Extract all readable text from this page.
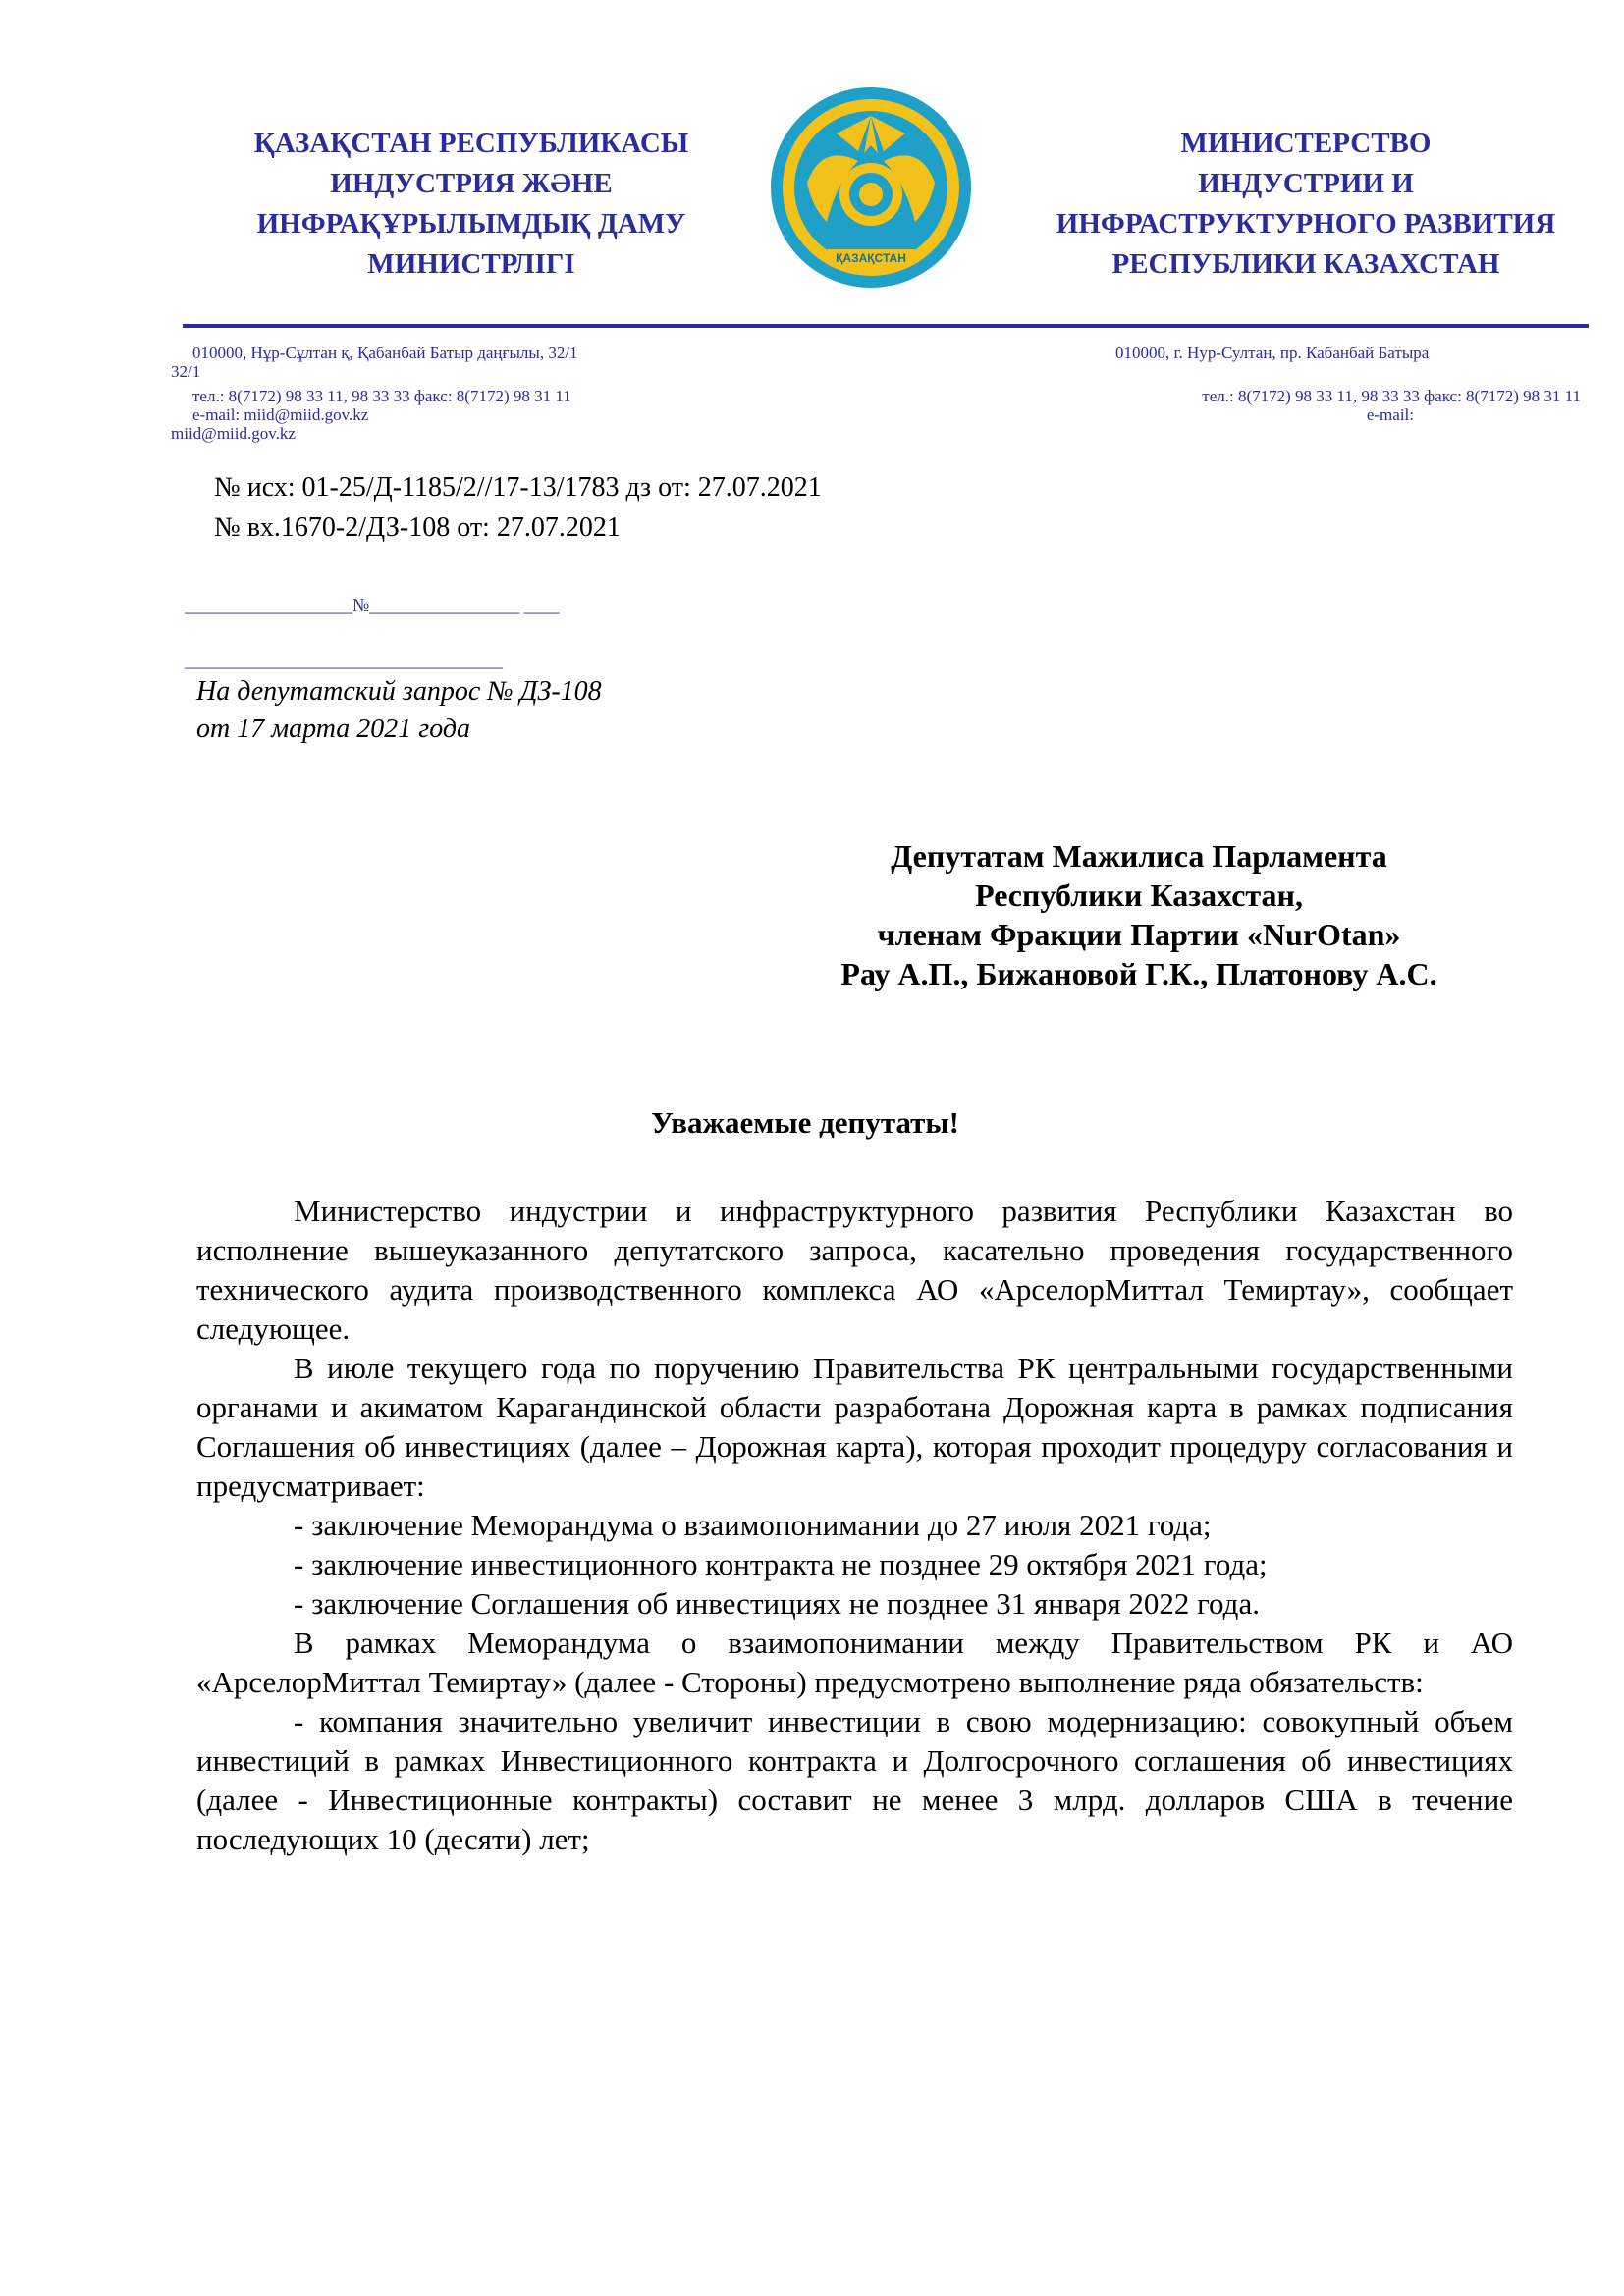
ҚАЗАҚСТАН РЕСПУБЛИКАСЫ
ИНДУСТРИЯ ЖӘНЕ
ИНФРАҚҰРЫЛЫМДЫҚ ДАМУ
МИНИСТРЛІГІ	ҚАЗАҚСТАН
МИНИСТЕРСТВО
ИНДУСТРИИ И
ИНФРАСТРУКТУРНОГО РАЗВИТИЯ
РЕСПУБЛИКИ КАЗАХСТАН
010000, Нұр-Сұлтан қ, Қабанбай Батыр даңғылы, 32/1
32/1
тел.: 8(7172) 98 33 11, 98 33 33 факс: 8(7172) 98 31 11
e-mail: miid@miid.gov.kz
miid@miid.gov.kz
010000, г. Нур-Султан, пр. Кабанбай Батыра
тел.: 8(7172) 98 33 11, 98 33 33 факс: 8(7172) 98 31 11
e-mail:
№ исх: 01-25/Д-1185/2//17-13/1783 дз от: 27.07.2021
№ вх.1670-2/ДЗ-108 от: 27.07.2021
___________________№_________________ ____
____________________________________
На депутатский запрос № ДЗ-108
от 17 марта 2021 года
Депутатам Мажилиса Парламента
Республики Казахстан,
членам Фракции Партии «NurOtan»
Рау А.П., Бижановой Г.К., Платонову А.С.
Уважаемые депутаты!

Министерство индустрии и инфраструктурного развития Республики Казахстан во исполнение вышеуказанного депутатского запроса, касательно проведения государственного технического аудита производственного комплекса АО «АрселорМиттал Темиртау», сообщает следующее.

В июле текущего года по поручению Правительства РК центральными государственными органами и акиматом Карагандинской области разработана Дорожная карта в рамках подписания Соглашения об инвестициях (далее – Дорожная карта), которая проходит процедуру согласования и предусматривает:

- заключение Меморандума о взаимопонимании до 27 июля 2021 года;

- заключение инвестиционного контракта не позднее 29 октября 2021 года;

- заключение Соглашения об инвестициях не позднее 31 января 2022 года.

В рамках Меморандума о взаимопонимании между Правительством РК и АО «АрселорМиттал Темиртау» (далее - Стороны) предусмотрено выполнение ряда обязательств:

- компания значительно увеличит инвестиции в свою модернизацию: совокупный объем инвестиций в рамках Инвестиционного контракта и Долгосрочного соглашения об инвестициях (далее - Инвестиционные контракты) составит не менее 3 млрд. долларов США в течение последующих 10 (десяти) лет;
